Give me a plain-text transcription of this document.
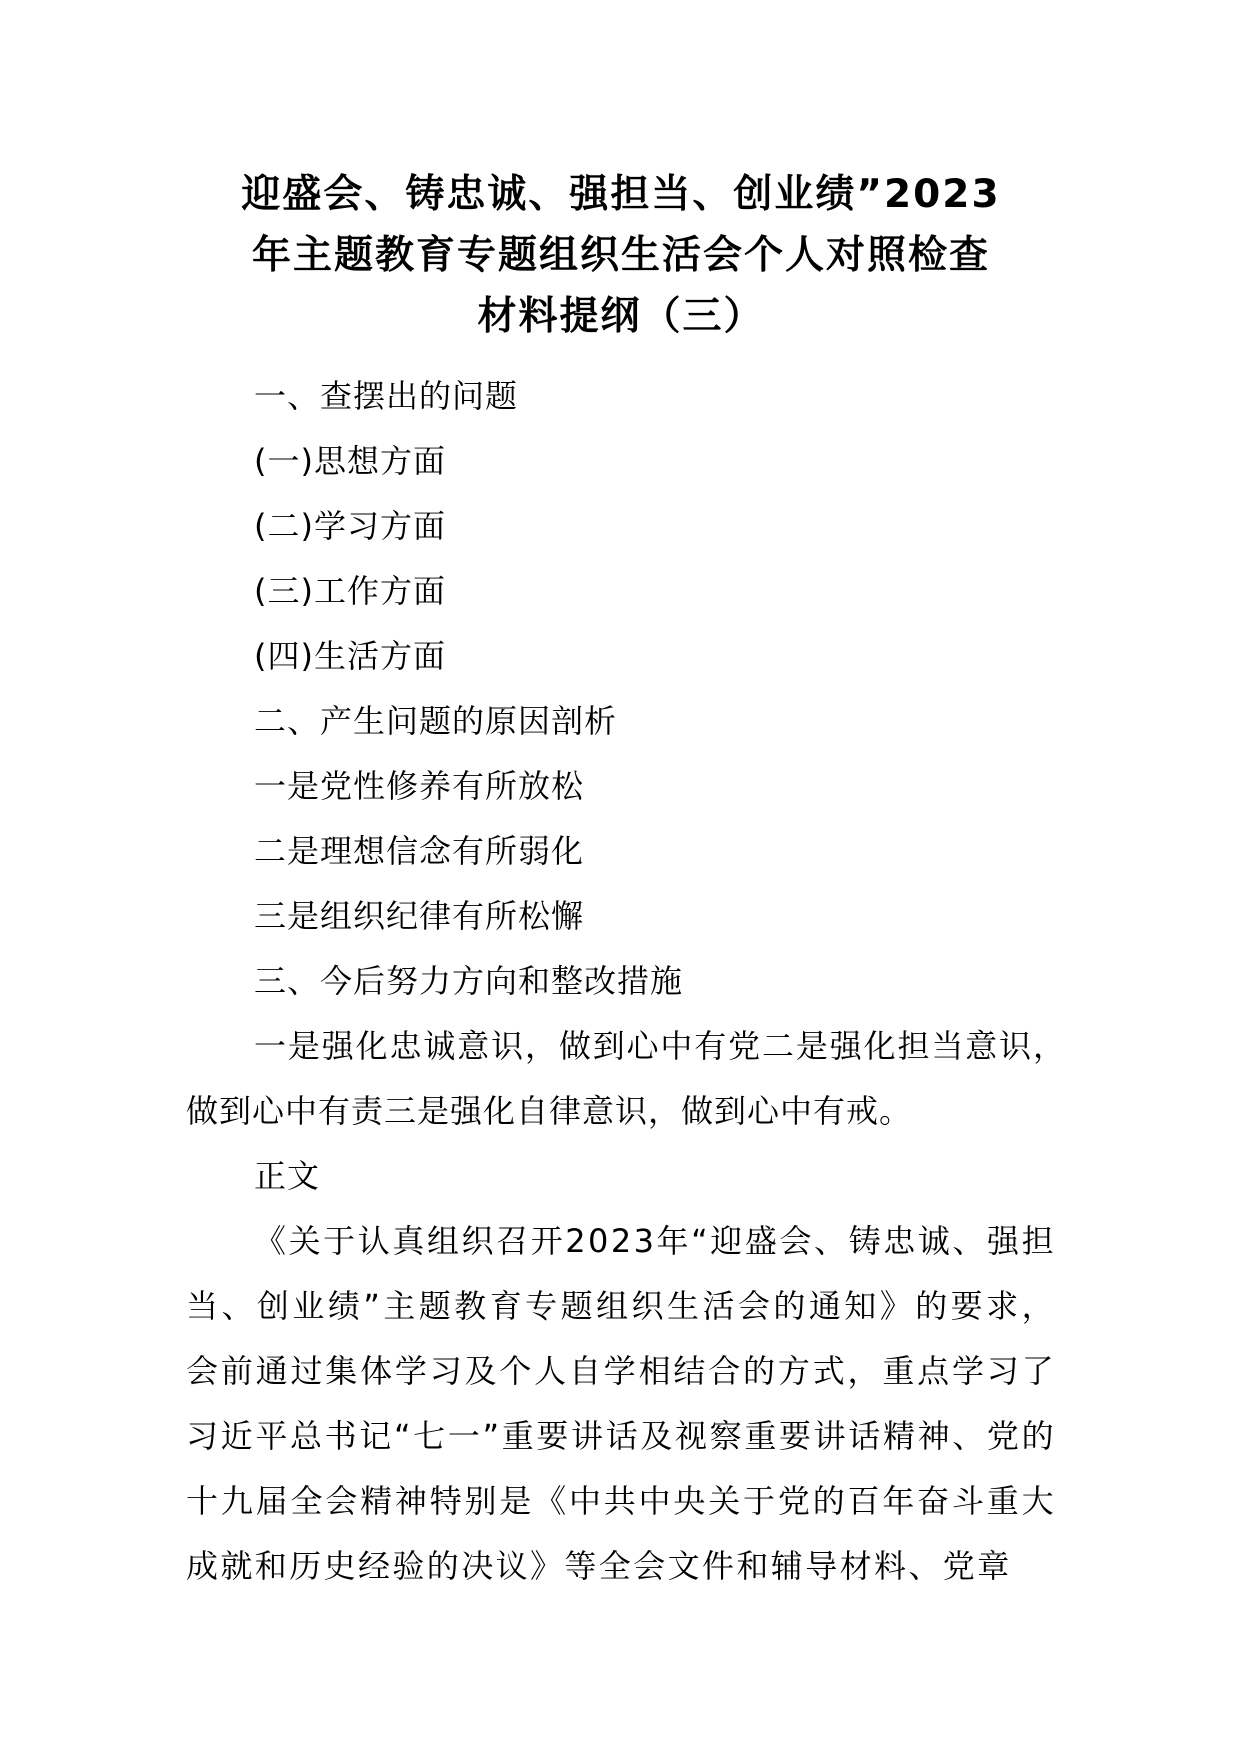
迎盛会、铸忠诚、强担当、创业绩”2023
年主题教育专题组织生活会个人对照检查
材料提纲（三）

一、查摆出的问题

(一)思想方面

(二)学习方面

(三)工作方面

(四)生活方面

二、产生问题的原因剖析

一是党性修养有所放松

二是理想信念有所弱化

三是组织纪律有所松懈

三、今后努力方向和整改措施

一是强化忠诚意识，做到心中有党二是强化担当意识，做到心中有责三是强化自律意识，做到心中有戒。

正文

《关于认真组织召开2023年“迎盛会、铸忠诚、强担当、创业绩”主题教育专题组织生活会的通知》的要求，会前通过集体学习及个人自学相结合的方式，重点学习了习近平总书记“七一”重要讲话及视察重要讲话精神、党的十九届全会精神特别是《中共中央关于党的百年奋斗重大成就和历史经验的决议》等全会文件和辅导材料、党章
